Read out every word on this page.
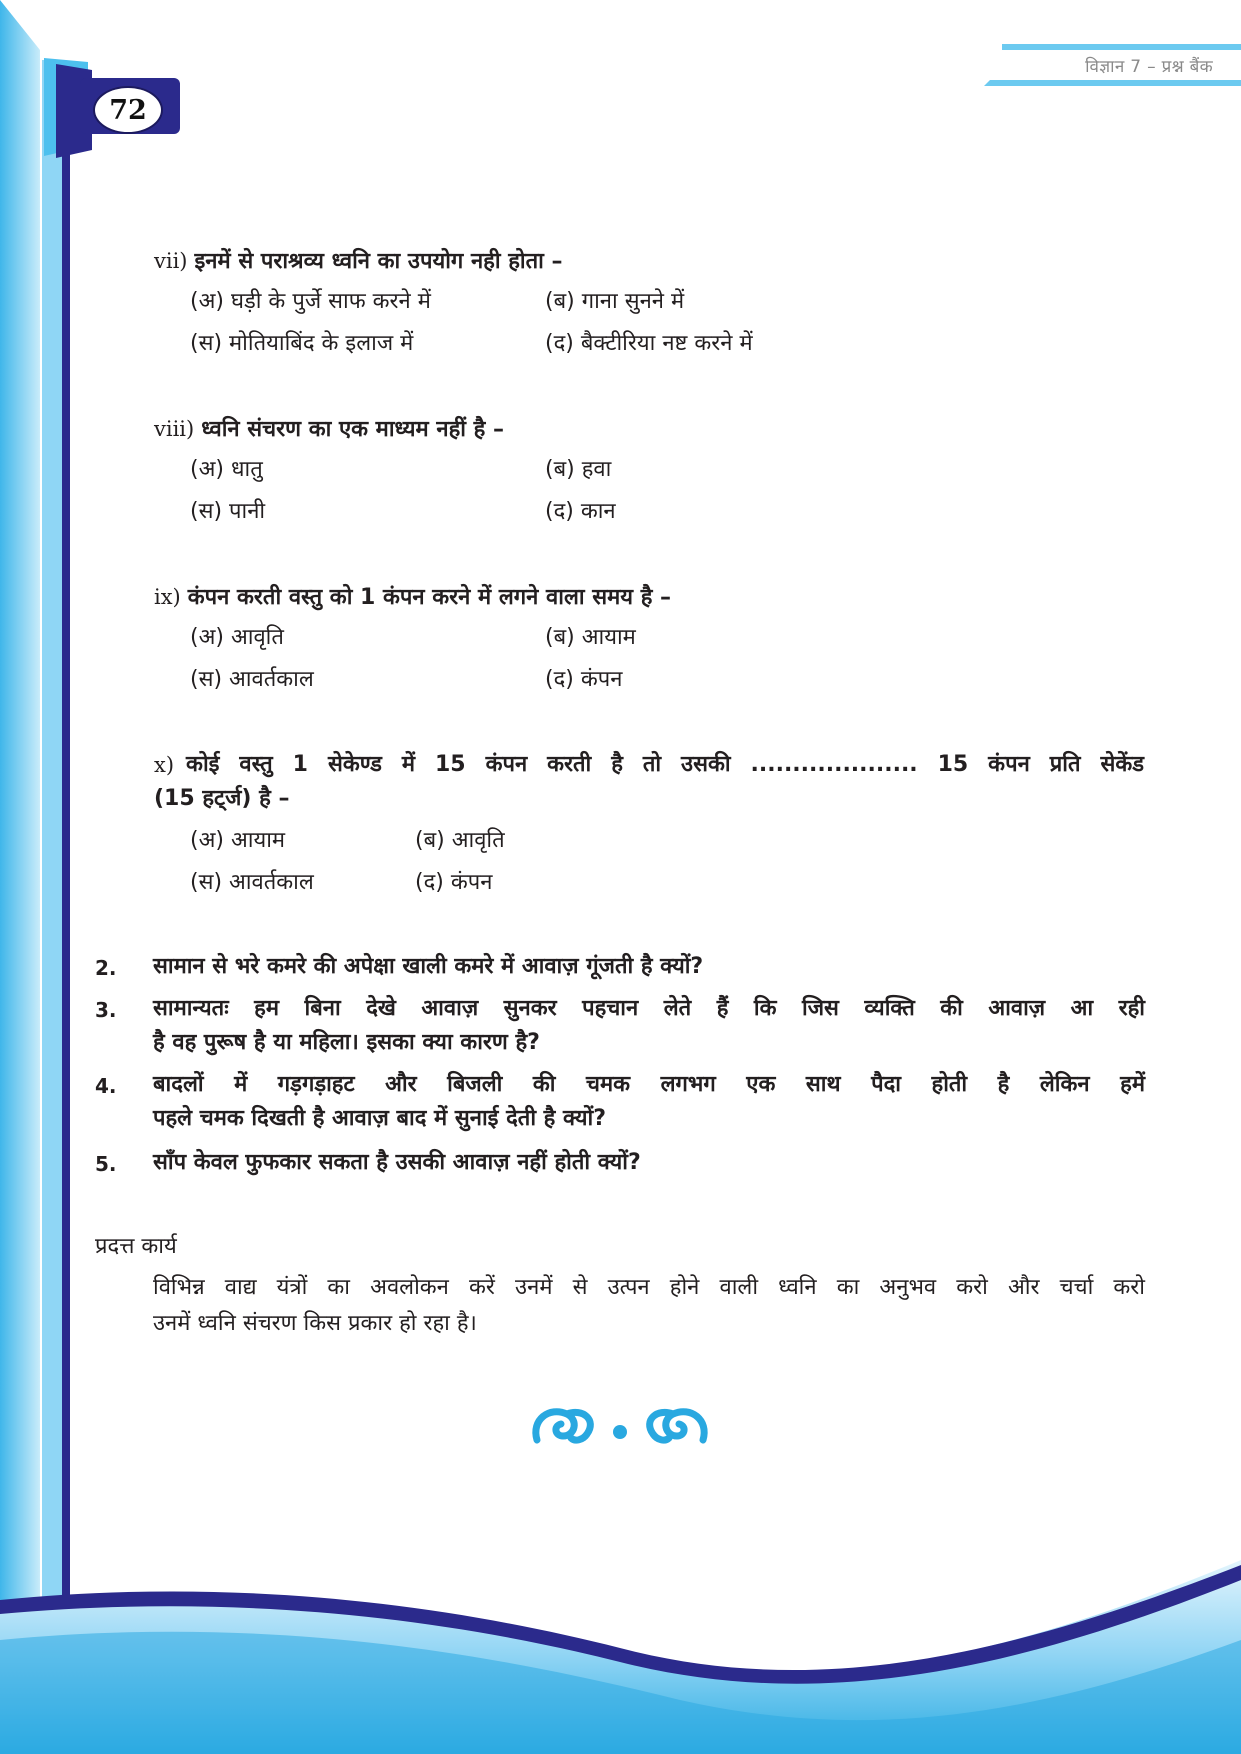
विज्ञान 7 – प्रश्न बैंक
72
vii) इनमें से पराश्रव्य ध्वनि का उपयोग नही होता –
(अ) घड़ी के पुर्जे साफ करने में	(ब) गाना सुनने में
(स) मोतियाबिंद के इलाज में	(द) बैक्टीरिया नष्ट करने में
viii) ध्वनि संचरण का एक माध्यम नहीं है –
(अ) धातु	(ब) हवा
(स) पानी	(द) कान
ix) कंपन करती वस्तु को 1 कंपन करने में लगने वाला समय है –
(अ) आवृति	(ब) आयाम
(स) आवर्तकाल	(द) कंपन
x) कोई वस्तु 1 सेकेण्ड में 15 कंपन करती है तो उसकी .................... 15 कंपन प्रति सेकेंड
(15 हट्‌र्ज) है –
(अ) आयाम	(ब) आवृति
(स) आवर्तकाल	(द) कंपन
2. सामान से भरे कमरे की अपेक्षा खाली कमरे में आवाज़ गूंजती है क्यों?
3. सामान्यतः हम बिना देखे आवाज़ सुनकर पहचान लेते हैं कि जिस व्यक्ति की आवाज़ आ रही
है वह पुरूष है या महिला। इसका क्या कारण है?
4. बादलों में गड़गड़ाहट और बिजली की चमक लगभग एक साथ पैदा होती है लेकिन हमें
पहले चमक दिखती है आवाज़ बाद में सुनाई देती है क्यों?
5. साँप केवल फुफकार सकता है उसकी आवाज़ नहीं होती क्यों?
प्रदत्त कार्य
विभिन्न वाद्य यंत्रों का अवलोकन करें उनमें से उत्पन होने वाली ध्वनि का अनुभव करो और चर्चा करो
उनमें ध्वनि संचरण किस प्रकार हो रहा है।
